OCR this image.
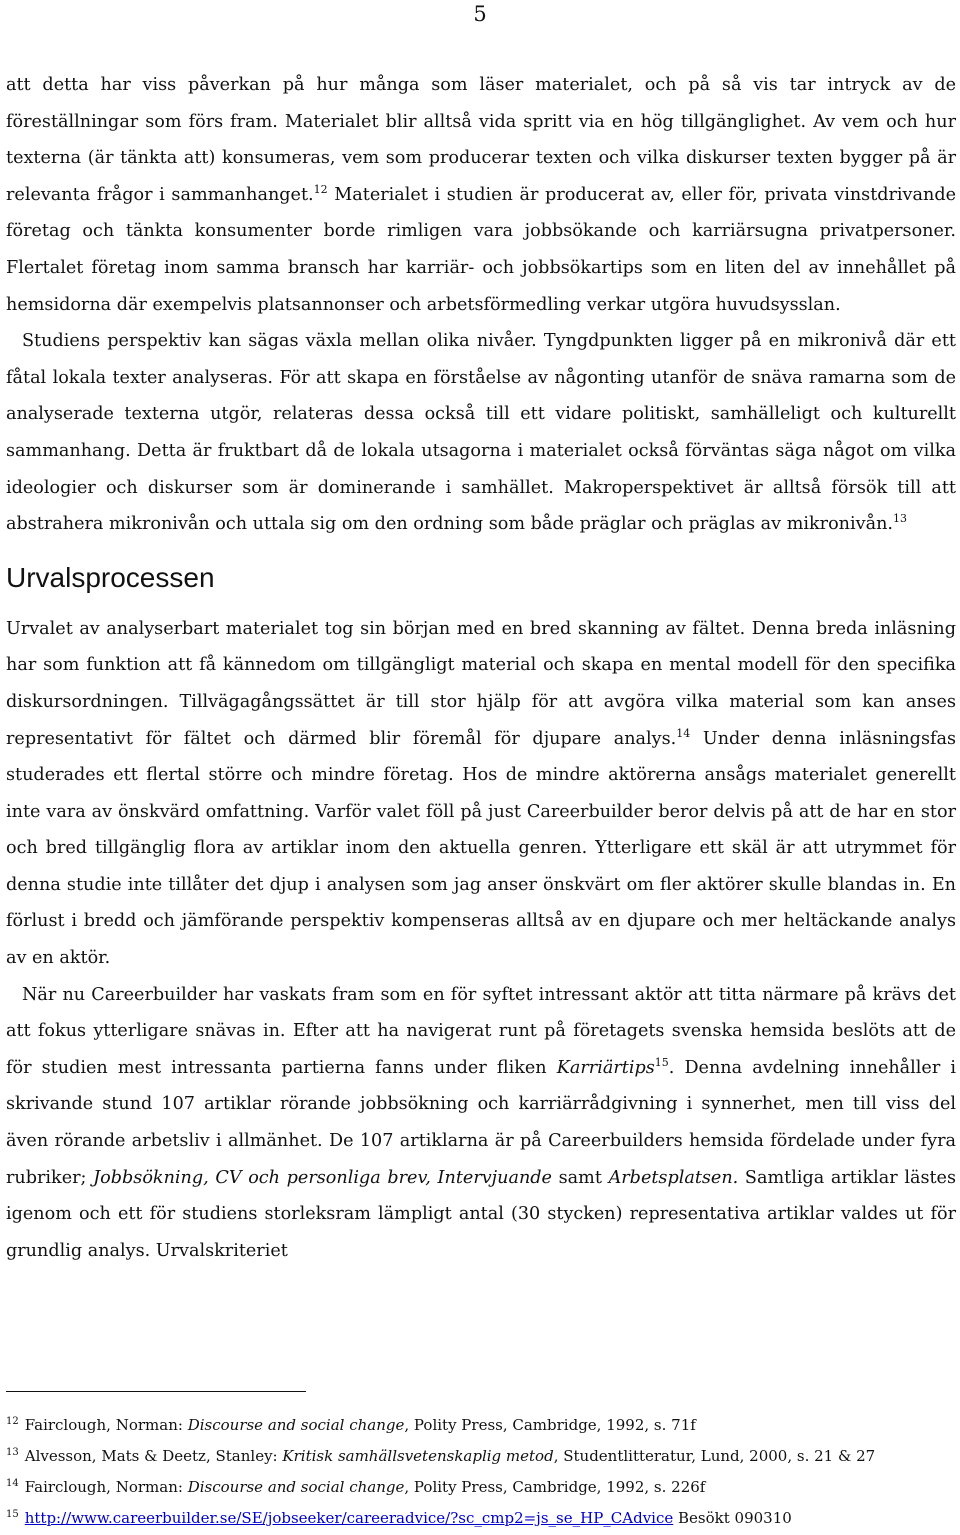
5

att detta har viss påverkan på hur många som läser materialet, och på så vis tar intryck av de föreställningar som förs fram. Materialet blir alltså vida spritt via en hög tillgänglighet. Av vem och hur texterna (är tänkta att) konsumeras, vem som producerar texten och vilka diskurser texten bygger på är relevanta frågor i sammanhanget.$^{12}$ Materialet i studien är producerat av, eller för, privata vinstdrivande företag och tänkta konsumenter borde rimligen vara jobbsökande och karriärsugna privatpersoner. Flertalet företag inom samma bransch har karriär- och jobbsökartips som en liten del av innehållet på hemsidorna där exempelvis platsannonser och arbetsförmedling verkar utgöra huvudsysslan.

Studiens perspektiv kan sägas växla mellan olika nivåer. Tyngdpunkten ligger på en mikronivå där ett fåtal lokala texter analyseras. För att skapa en förståelse av någonting utanför de snäva ramarna som de analyserade texterna utgör, relateras dessa också till ett vidare politiskt, samhälleligt och kulturellt sammanhang. Detta är fruktbart då de lokala utsagorna i materialet också förväntas säga något om vilka ideologier och diskurser som är dominerande i samhället. Makroperspektivet är alltså försök till att abstrahera mikronivån och uttala sig om den ordning som både präglar och präglas av mikronivån.$^{13}$

Urvalsprocessen

Urvalet av analyserbart materialet tog sin början med en bred skanning av fältet. Denna breda inläsning har som funktion att få kännedom om tillgängligt material och skapa en mental modell för den specifika diskursordningen. Tillvägagångssättet är till stor hjälp för att avgöra vilka material som kan anses representativt för fältet och därmed blir föremål för djupare analys.$^{14}$ Under denna inläsningsfas studerades ett flertal större och mindre företag. Hos de mindre aktörerna ansågs materialet generellt inte vara av önskvärd omfattning. Varför valet föll på just Careerbuilder beror delvis på att de har en stor och bred tillgänglig flora av artiklar inom den aktuella genren. Ytterligare ett skäl är att utrymmet för denna studie inte tillåter det djup i analysen som jag anser önskvärt om fler aktörer skulle blandas in. En förlust i bredd och jämförande perspektiv kompenseras alltså av en djupare och mer heltäckande analys av en aktör.

När nu Careerbuilder har vaskats fram som en för syftet intressant aktör att titta närmare på krävs det att fokus ytterligare snävas in. Efter att ha navigerat runt på företagets svenska hemsida beslöts att de för studien mest intressanta partierna fanns under fliken Karriärtips$^{15}$. Denna avdelning innehåller i skrivande stund 107 artiklar rörande jobbsökning och karriärrådgivning i synnerhet, men till viss del även rörande arbetsliv i allmänhet. De 107 artiklarna är på Careerbuilders hemsida fördelade under fyra rubriker; Jobbsökning, CV och personliga brev, Intervjuande samt Arbetsplatsen. Samtliga artiklar lästes igenom och ett för studiens storleksram lämpligt antal (30 stycken) representativa artiklar valdes ut för grundlig analys. Urvalskriteriet

$^{12}$ Fairclough, Norman: Discourse and social change, Polity Press, Cambridge, 1992, s. 71f
$^{13}$ Alvesson, Mats & Deetz, Stanley: Kritisk samhällsvetenskaplig metod, Studentlitteratur, Lund, 2000, s. 21 & 27
$^{14}$ Fairclough, Norman: Discourse and social change, Polity Press, Cambridge, 1992, s. 226f
$^{15}$ http://www.careerbuilder.se/SE/jobseeker/careeradvice/?sc_cmp2=js_se_HP_CAdvice Besökt 090310
